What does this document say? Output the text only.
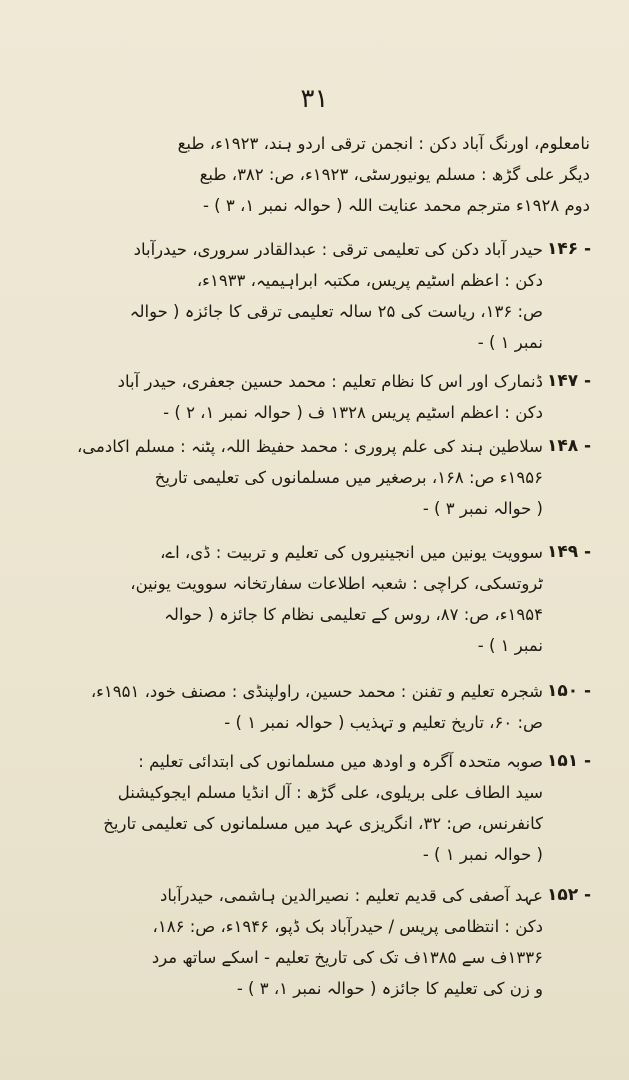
۳۱
نامعلوم، اورنگ آباد دکن : انجمن ترقی اردو ہند، ۱۹۲۳ء، طبع
دیگر علی گڑھ : مسلم یونیورسٹی، ۱۹۲۳ء، ص: ۳۸۲، طبع
دوم ۱۹۲۸ء مترجم محمد عنایت اللہ ( حوالہ نمبر ۱، ۳ ) -
۱۴۶ -
حیدر آباد دکن کی تعلیمی ترقی : عبدالقادر سروری، حیدرآباد
دکن : اعظم اسٹیم پریس، مکتبہ ابراہیمیہ، ۱۹۳۳ء،
ص: ۱۳۶، ریاست کی ۲۵ سالہ تعلیمی ترقی کا جائزہ ( حوالہ
نمبر ۱ ) -
۱۴۷ -
ڈنمارک اور اس کا نظام تعلیم : محمد حسین جعفری، حیدر آباد
دکن : اعظم اسٹیم پریس ۱۳۲۸ ف ( حوالہ نمبر ۱، ۲ ) -
۱۴۸ -
سلاطین ہند کی علم پروری : محمد حفیظ اللہ، پٹنہ : مسلم اکادمی،
۱۹۵۶ء ص: ۱۶۸، برصغیر میں مسلمانوں کی تعلیمی تاریخ
( حوالہ نمبر ۳ ) -
۱۴۹ -
سوویت یونین میں انجینیروں کی تعلیم و تربیت : ڈی، اے،
ٹروتسکی، کراچی : شعبہ اطلاعات سفارتخانہ سوویت یونین،
۱۹۵۴ء، ص: ۸۷، روس کے تعلیمی نظام کا جائزہ ( حوالہ
نمبر ۱ ) -
۱۵۰ -
شجرہ تعلیم و تفنن : محمد حسین، راولپنڈی : مصنف خود، ۱۹۵۱ء،
ص: ۶۰، تاریخ تعلیم و تہذیب ( حوالہ نمبر ۱ ) -
۱۵۱ -
صوبہ متحدہ آگرہ و اودھ میں مسلمانوں کی ابتدائی تعلیم :
سید الطاف علی بریلوی، علی گڑھ : آل انڈیا مسلم ایجوکیشنل
کانفرنس، ص: ۳۲، انگریزی عہد میں مسلمانوں کی تعلیمی تاریخ
( حوالہ نمبر ۱ ) -
۱۵۲ -
عہد آصفی کی قدیم تعلیم : نصیرالدین ہاشمی، حیدرآباد
دکن : انتظامی پریس / حیدرآباد بک ڈپو، ۱۹۴۶ء، ص: ۱۸۶،
۱۳۳۶ف سے ۱۳۸۵ف تک کی تاریخ تعلیم - اسکے ساتھ مرد
و زن کی تعلیم کا جائزہ ( حوالہ نمبر ۱، ۳ ) -
